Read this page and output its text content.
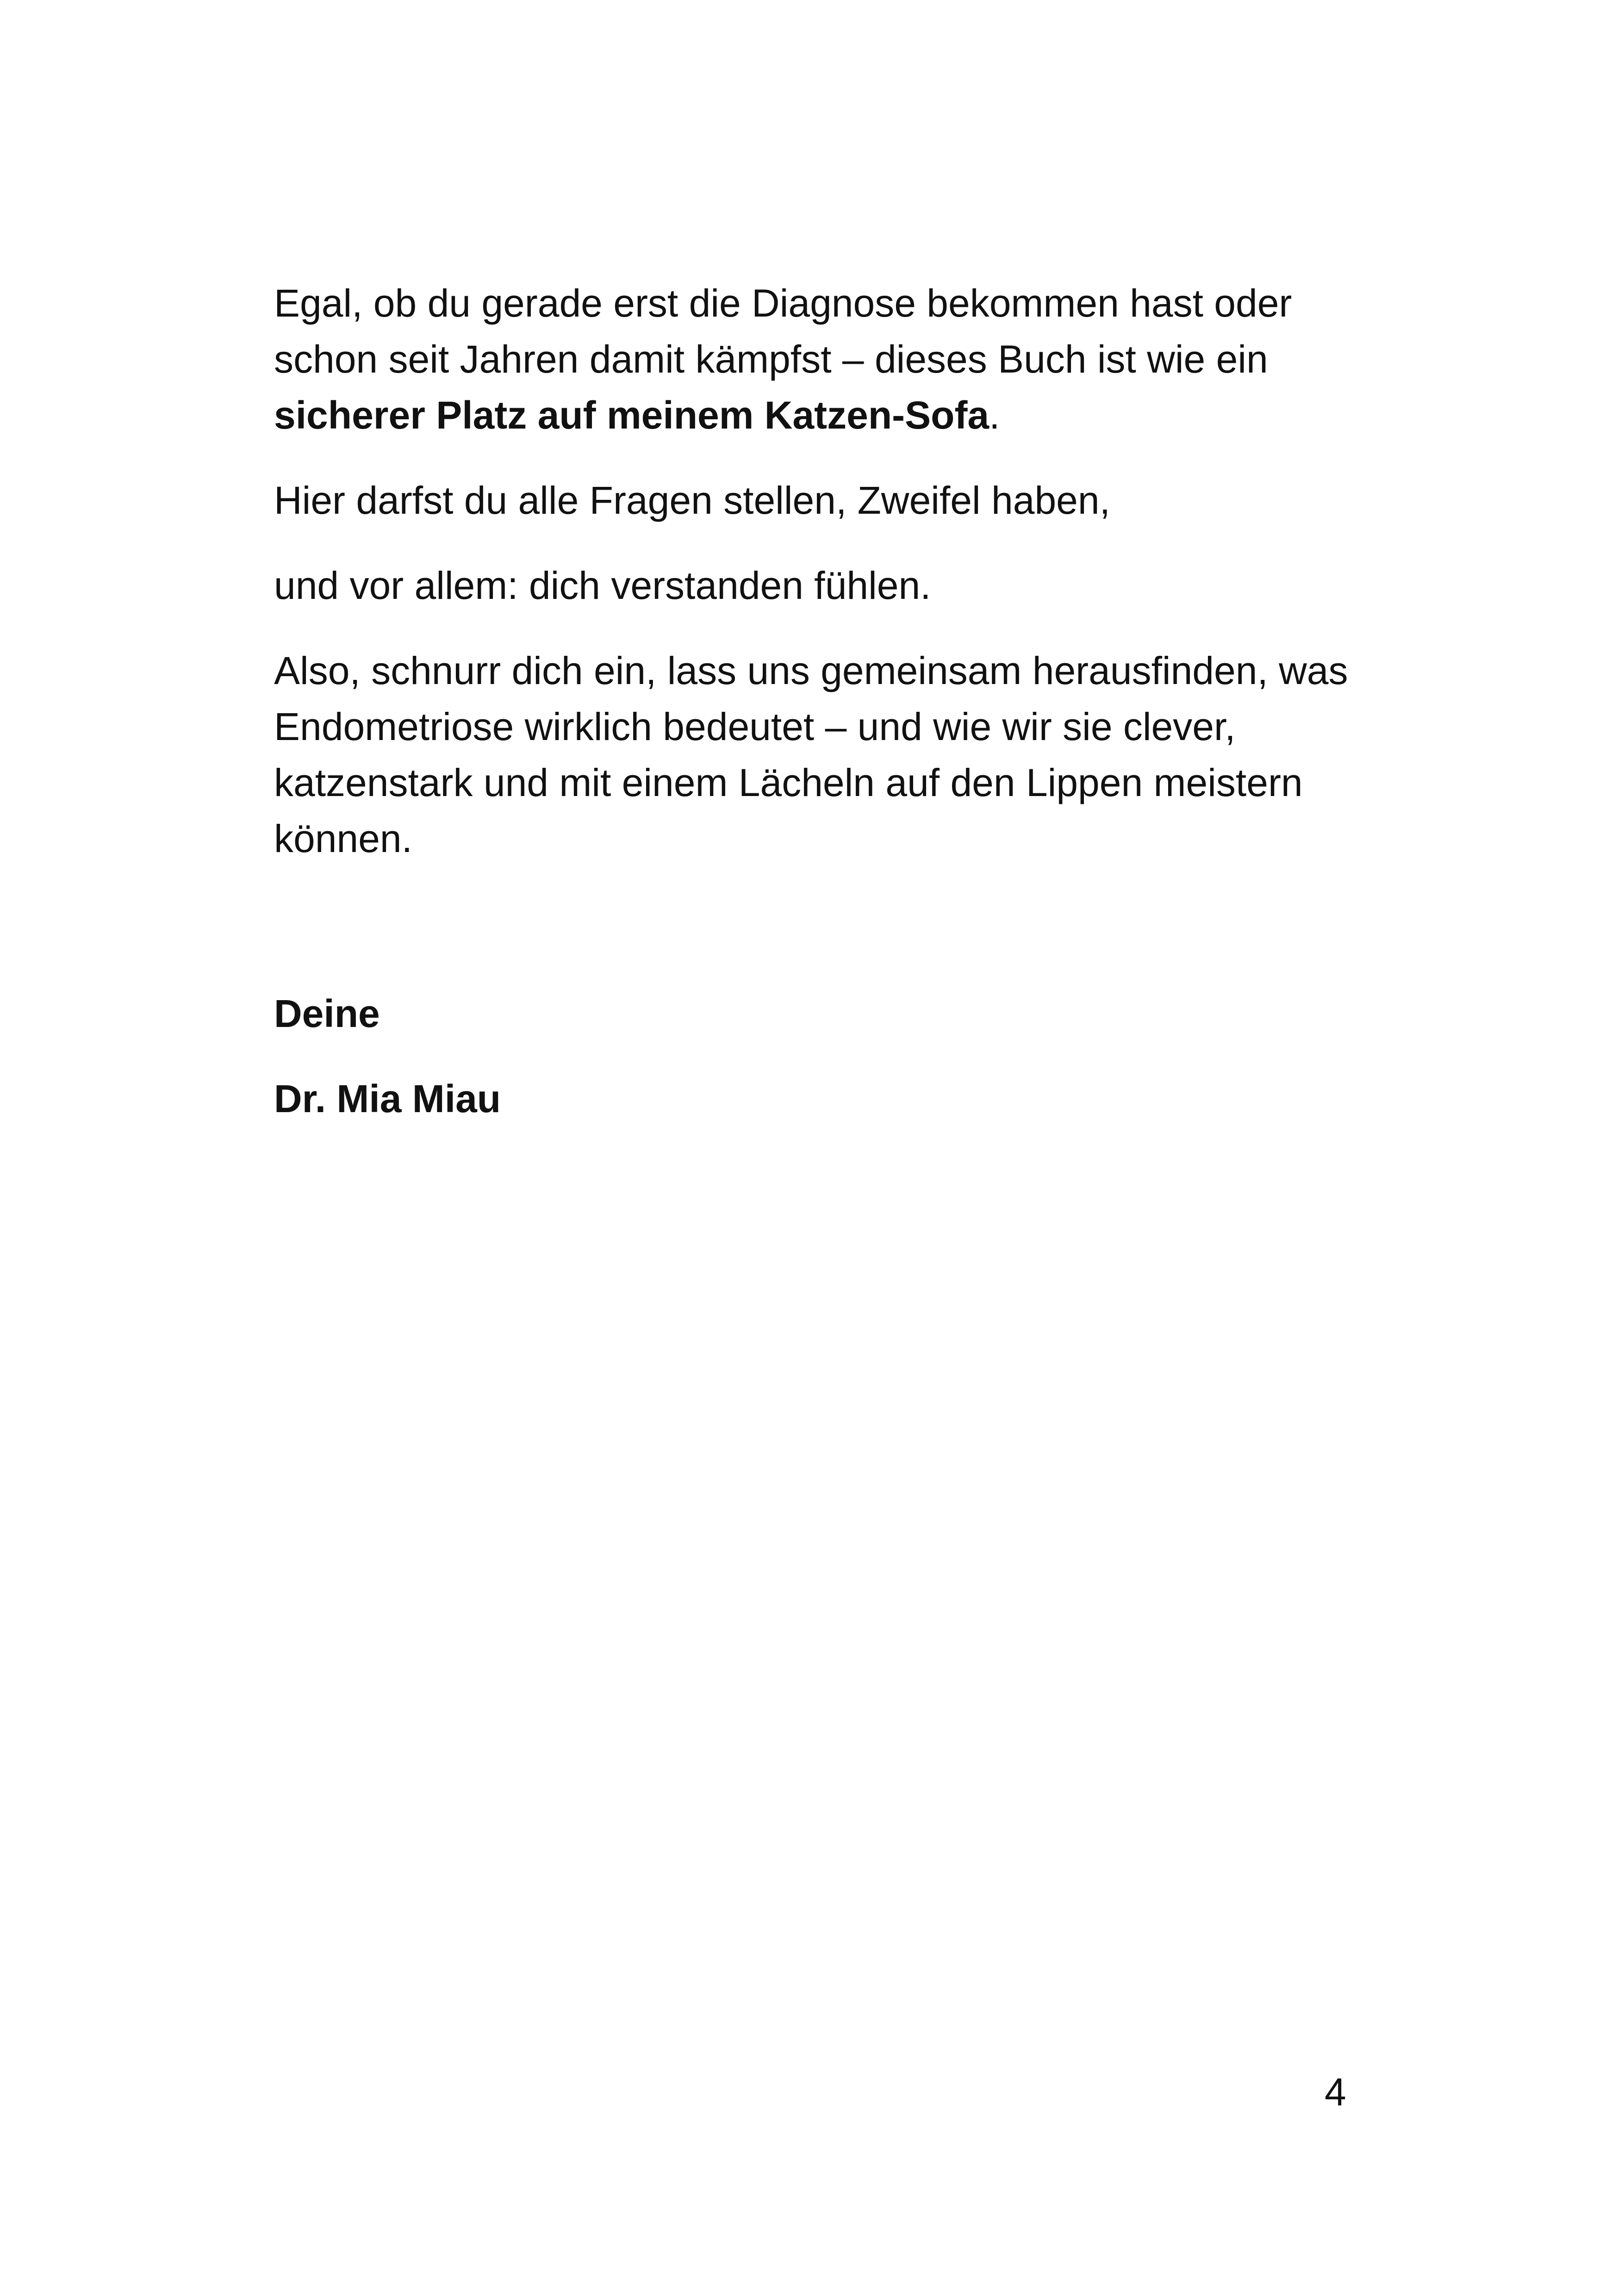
Egal, ob du gerade erst die Diagnose bekommen hast oder
schon seit Jahren damit kämpfst – dieses Buch ist wie ein
sicherer Platz auf meinem Katzen-Sofa.

Hier darfst du alle Fragen stellen, Zweifel haben,

und vor allem: dich verstanden fühlen.

Also, schnurr dich ein, lass uns gemeinsam herausfinden, was
Endometriose wirklich bedeutet – und wie wir sie clever,
katzenstark und mit einem Lächeln auf den Lippen meistern
können.

Deine
Dr. Mia Miau
4
